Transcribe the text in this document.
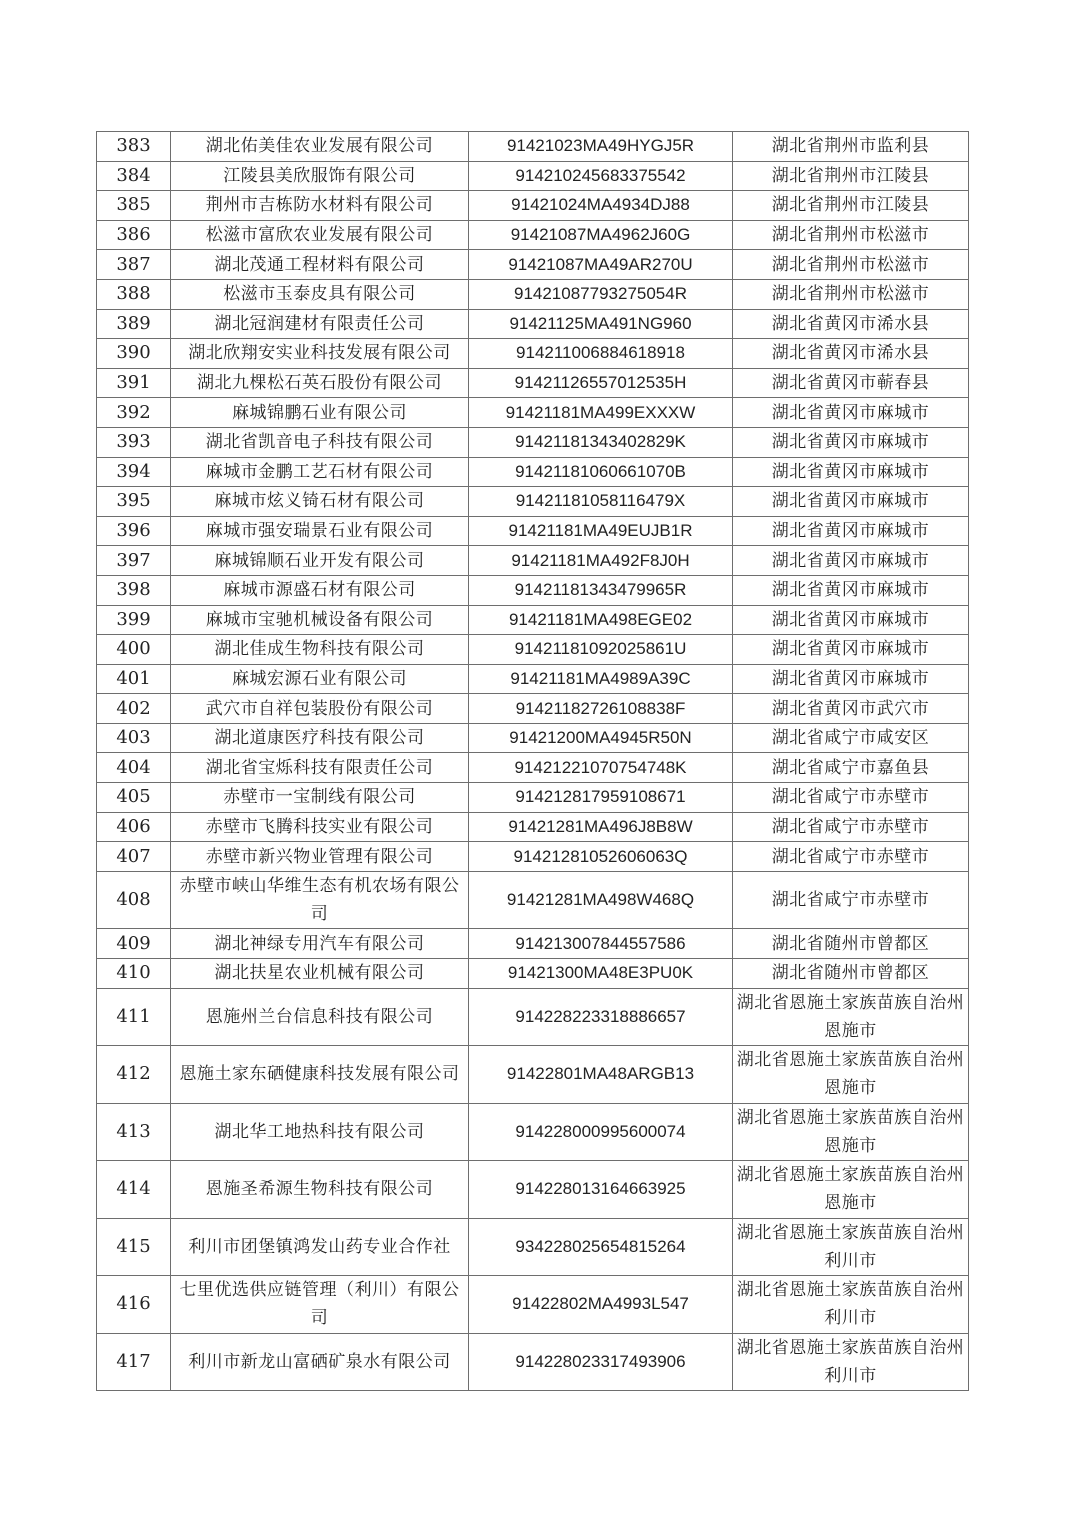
383	湖北佑美佳农业发展有限公司	91421023MA49HYGJ5R	湖北省荆州市监利县
384	江陵县美欣服饰有限公司	914210245683375542	湖北省荆州市江陵县
385	荆州市吉栋防水材料有限公司	91421024MA4934DJ88	湖北省荆州市江陵县
386	松滋市富欣农业发展有限公司	91421087MA4962J60G	湖北省荆州市松滋市
387	湖北茂通工程材料有限公司	91421087MA49AR270U	湖北省荆州市松滋市
388	松滋市玉泰皮具有限公司	91421087793275054R	湖北省荆州市松滋市
389	湖北冠润建材有限责任公司	91421125MA491NG960	湖北省黄冈市浠水县
390	湖北欣翔安实业科技发展有限公司	914211006884618918	湖北省黄冈市浠水县
391	湖北九棵松石英石股份有限公司	91421126557012535H	湖北省黄冈市蕲春县
392	麻城锦鹏石业有限公司	91421181MA499EXXXW	湖北省黄冈市麻城市
393	湖北省凯音电子科技有限公司	91421181343402829K	湖北省黄冈市麻城市
394	麻城市金鹏工艺石材有限公司	91421181060661070B	湖北省黄冈市麻城市
395	麻城市炫义锜石材有限公司	91421181058116479X	湖北省黄冈市麻城市
396	麻城市强安瑞景石业有限公司	91421181MA49EUJB1R	湖北省黄冈市麻城市
397	麻城锦顺石业开发有限公司	91421181MA492F8J0H	湖北省黄冈市麻城市
398	麻城市源盛石材有限公司	91421181343479965R	湖北省黄冈市麻城市
399	麻城市宝驰机械设备有限公司	91421181MA498EGE02	湖北省黄冈市麻城市
400	湖北佳成生物科技有限公司	91421181092025861U	湖北省黄冈市麻城市
401	麻城宏源石业有限公司	91421181MA4989A39C	湖北省黄冈市麻城市
402	武穴市自祥包装股份有限公司	91421182726108838F	湖北省黄冈市武穴市
403	湖北道康医疗科技有限公司	91421200MA4945R50N	湖北省咸宁市咸安区
404	湖北省宝烁科技有限责任公司	91421221070754748K	湖北省咸宁市嘉鱼县
405	赤壁市一宝制线有限公司	914212817959108671	湖北省咸宁市赤壁市
406	赤壁市飞腾科技实业有限公司	91421281MA496J8B8W	湖北省咸宁市赤壁市
407	赤壁市新兴物业管理有限公司	91421281052606063Q	湖北省咸宁市赤壁市
408	赤壁市峡山华维生态有机农场有限公司	91421281MA498W468Q	湖北省咸宁市赤壁市
409	湖北神绿专用汽车有限公司	914213007844557586	湖北省随州市曾都区
410	湖北扶星农业机械有限公司	91421300MA48E3PU0K	湖北省随州市曾都区
411	恩施州兰台信息科技有限公司	914228223318886657	湖北省恩施土家族苗族自治州恩施市
412	恩施土家东硒健康科技发展有限公司	91422801MA48ARGB13	湖北省恩施土家族苗族自治州恩施市
413	湖北华工地热科技有限公司	914228000995600074	湖北省恩施土家族苗族自治州恩施市
414	恩施圣希源生物科技有限公司	914228013164663925	湖北省恩施土家族苗族自治州恩施市
415	利川市团堡镇鸿发山药专业合作社	934228025654815264	湖北省恩施土家族苗族自治州利川市
416	七里优选供应链管理（利川）有限公司	91422802MA4993L547	湖北省恩施土家族苗族自治州利川市
417	利川市新龙山富硒矿泉水有限公司	914228023317493906	湖北省恩施土家族苗族自治州利川市
